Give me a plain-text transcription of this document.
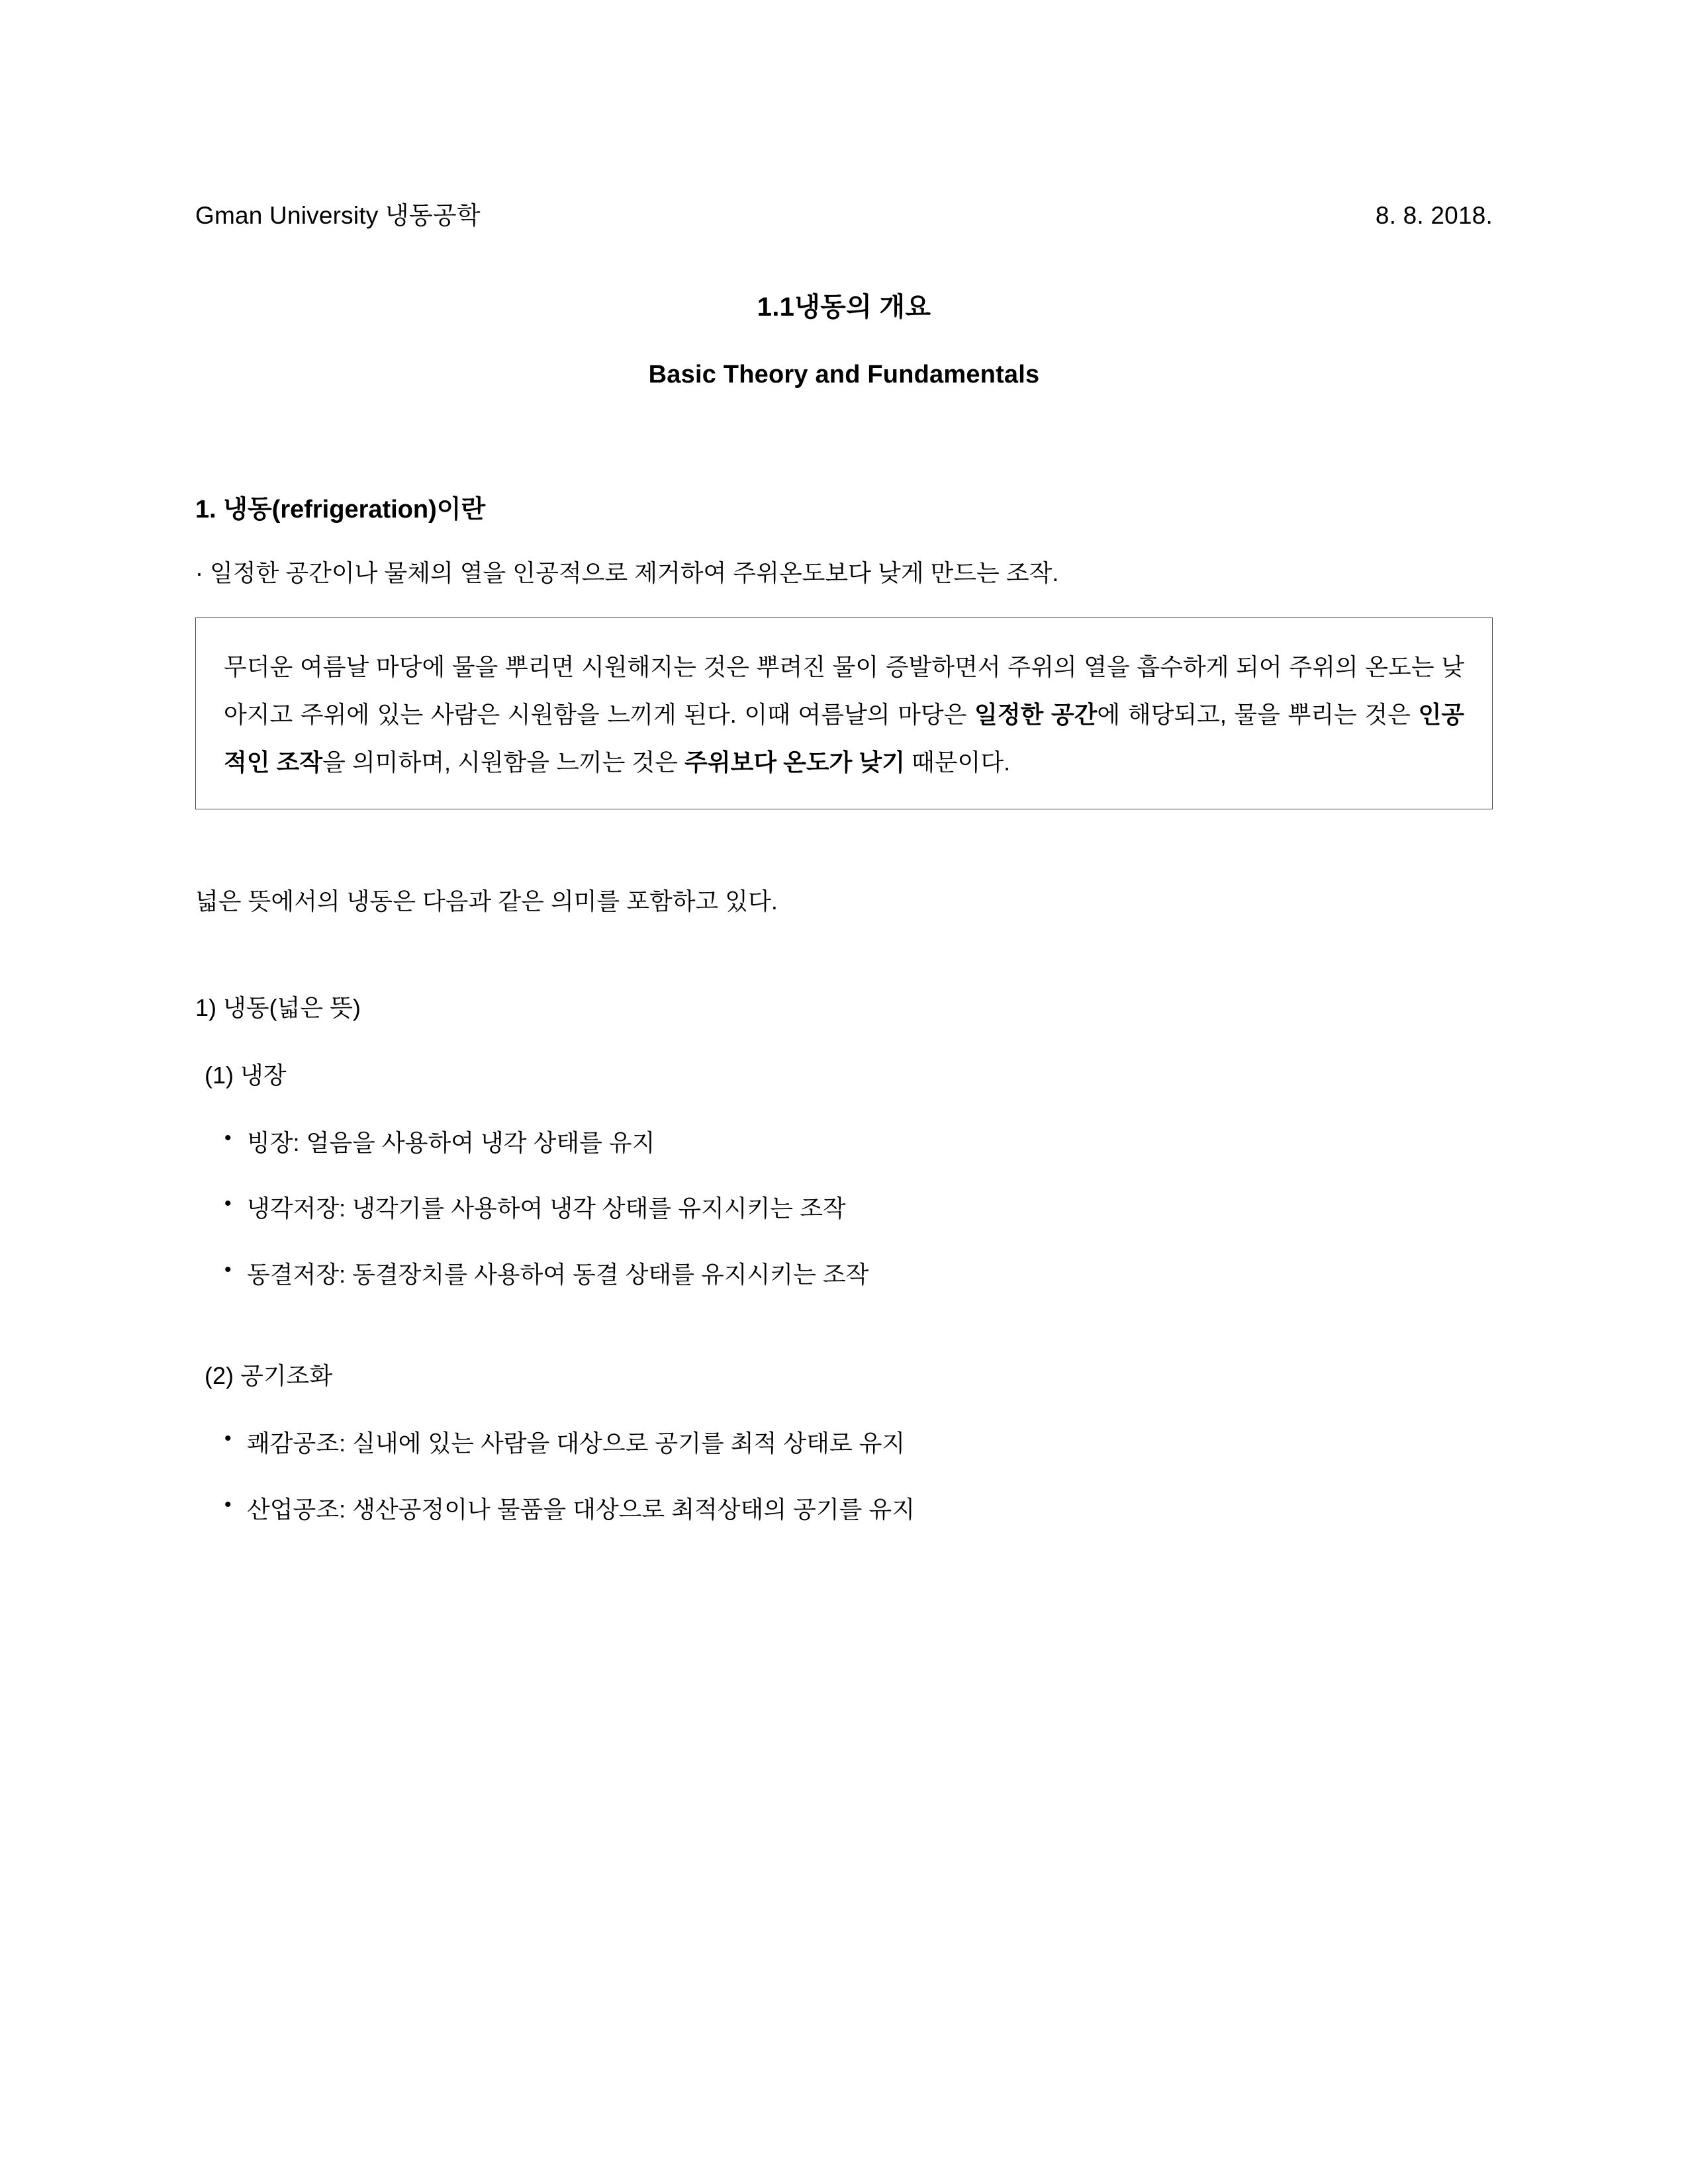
Gman University 냉동공학	8. 8. 2018.
1.1냉동의 개요
Basic Theory and Fundamentals
1. 냉동(refrigeration)이란

· 일정한 공간이나 물체의 열을 인공적으로 제거하여 주위온도보다 낮게 만드는 조작.

무더운 여름날 마당에 물을 뿌리면 시원해지는 것은 뿌려진 물이 증발하면서 주위의 열을 흡수하게 되어 주위의 온도는 낮아지고 주위에 있는 사람은 시원함을 느끼게 된다. 이때 여름날의 마당은 일정한 공간에 해당되고, 물을 뿌리는 것은 인공적인 조작을 의미하며, 시원함을 느끼는 것은 주위보다 온도가 낮기 때문이다.

넓은 뜻에서의 냉동은 다음과 같은 의미를 포함하고 있다.

1) 냉동(넓은 뜻)

(1) 냉장

• 빙장: 얼음을 사용하여 냉각 상태를 유지
• 냉각저장: 냉각기를 사용하여 냉각 상태를 유지시키는 조작
• 동결저장: 동결장치를 사용하여 동결 상태를 유지시키는 조작

(2) 공기조화

• 쾌감공조: 실내에 있는 사람을 대상으로 공기를 최적 상태로 유지
• 산업공조: 생산공정이나 물품을 대상으로 최적상태의 공기를 유지
